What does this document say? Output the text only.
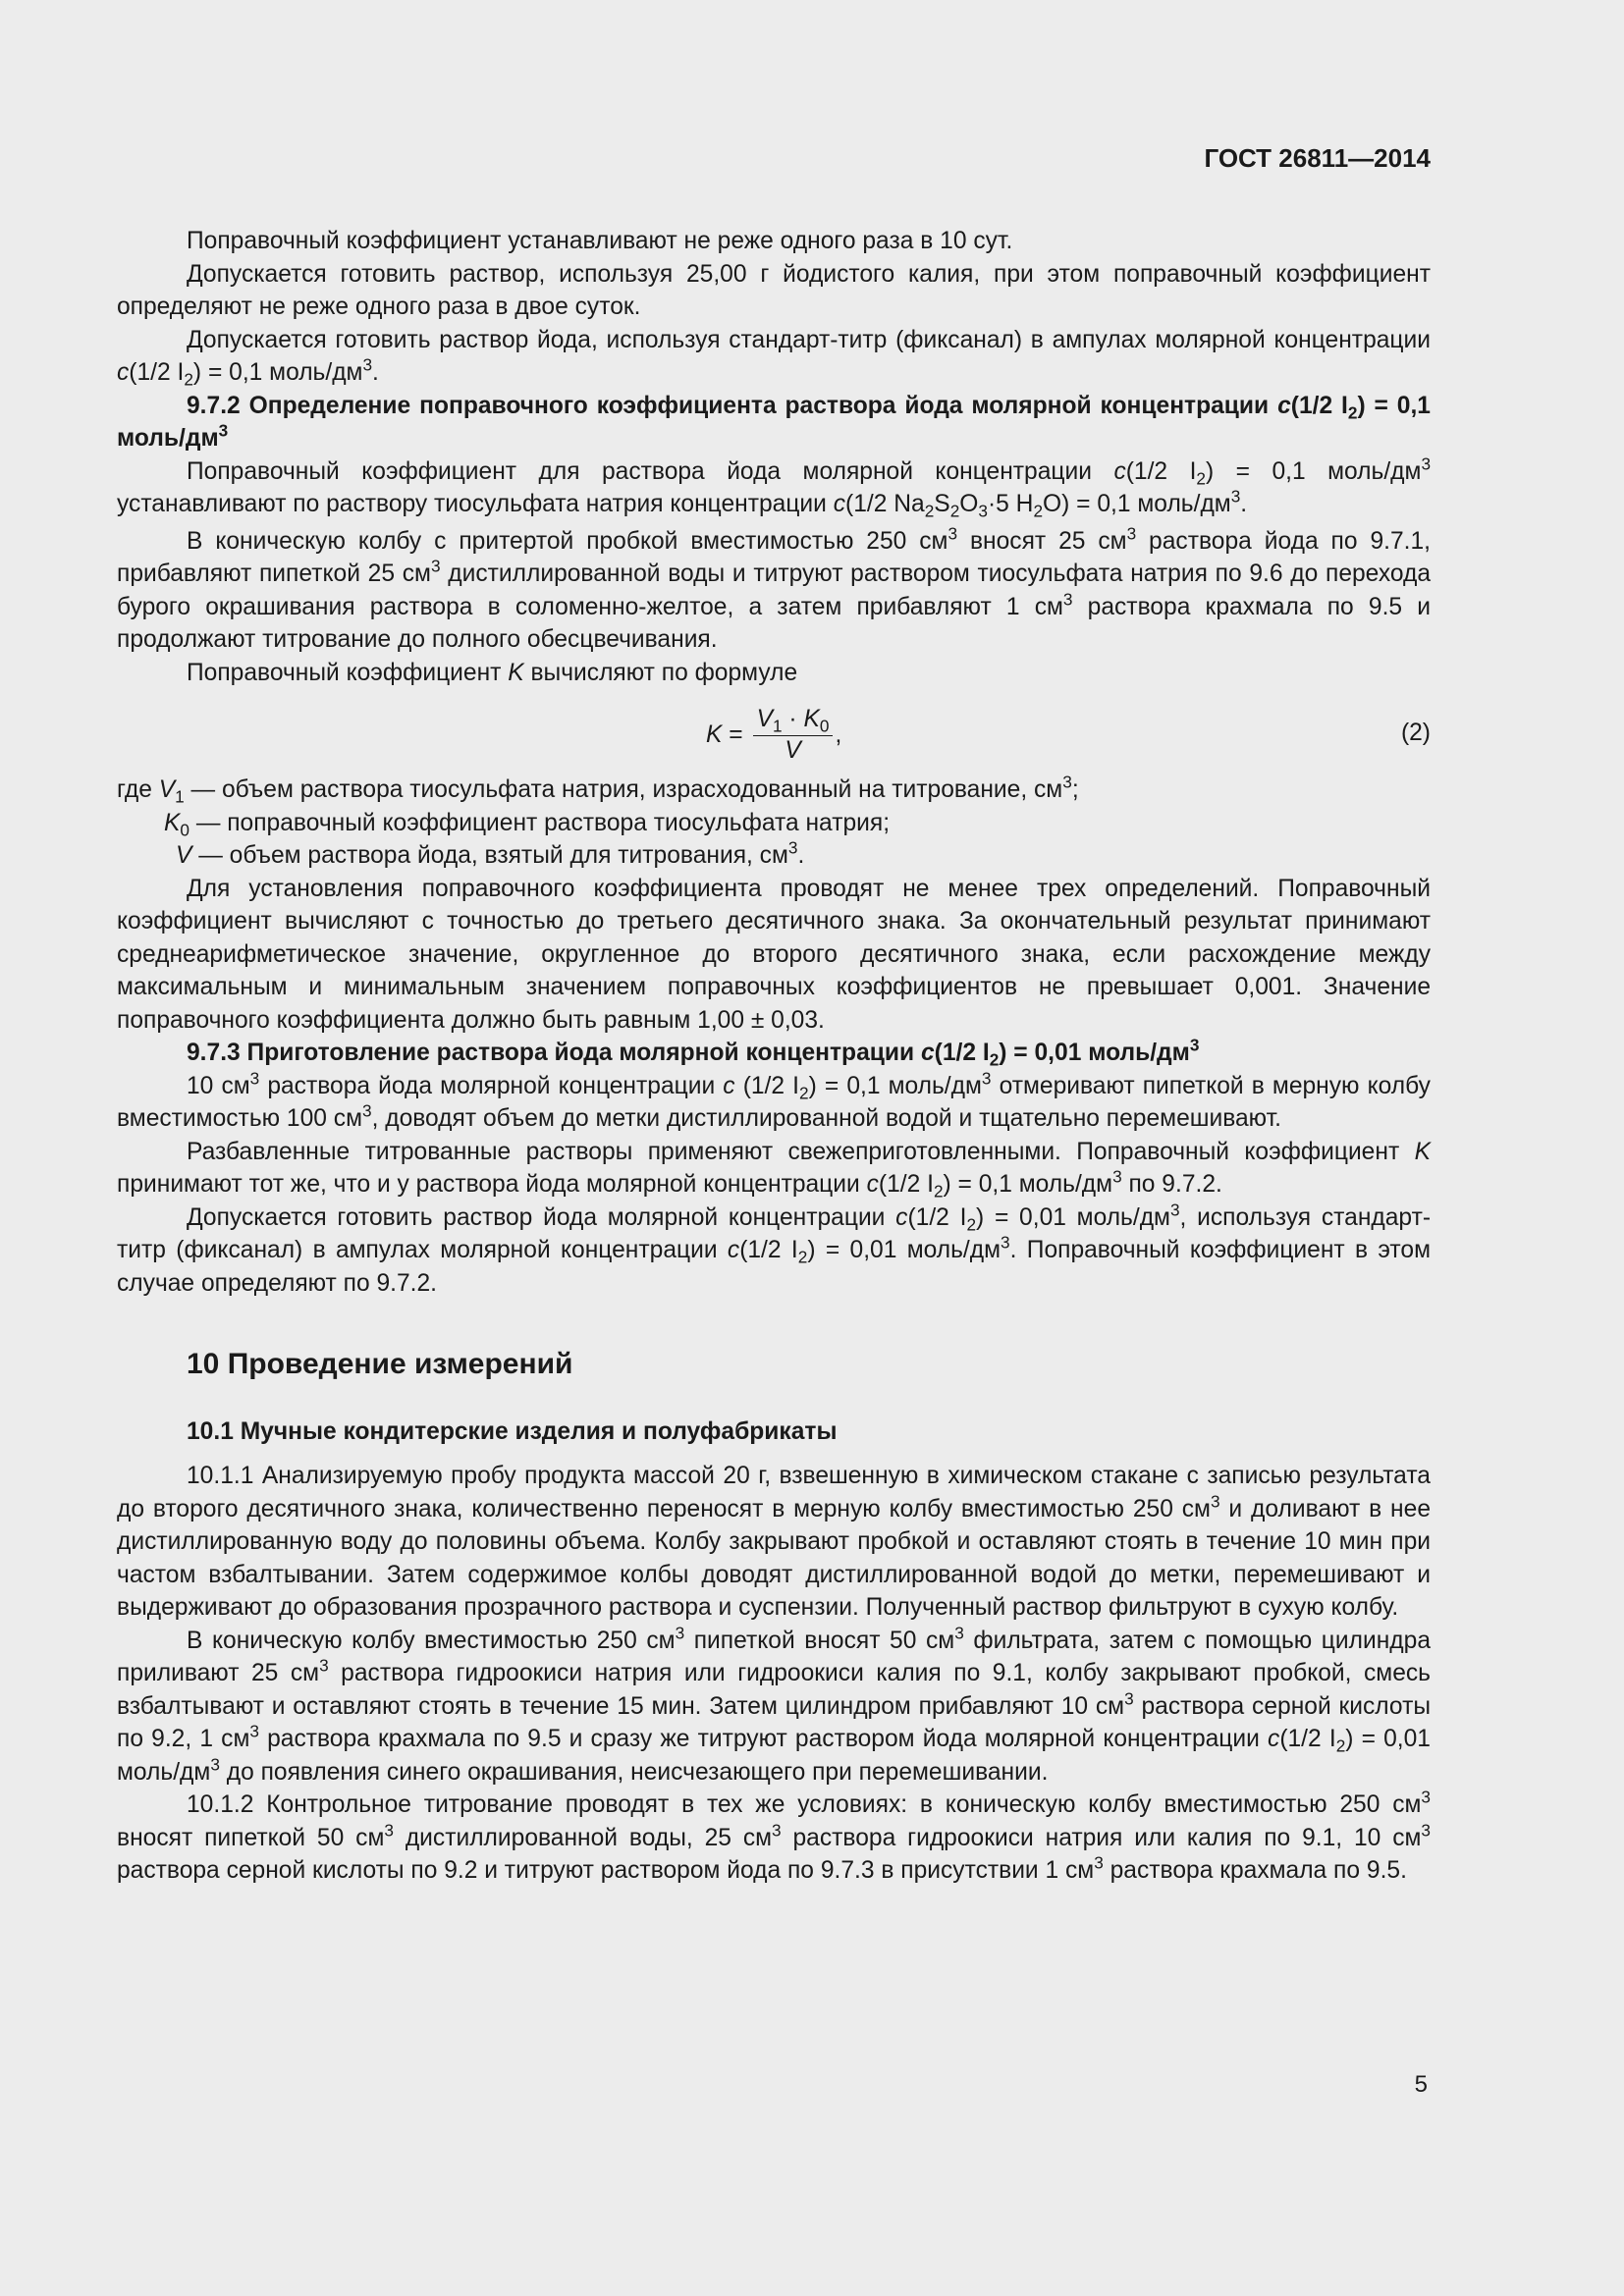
ГОСТ 26811—2014

Поправочный коэффициент устанавливают не реже одного раза в 10 сут.

Допускается готовить раствор, используя 25,00 г йодистого калия, при этом поправочный коэффициент определяют не реже одного раза в двое суток.

Допускается готовить раствор йода, используя стандарт-титр (фиксанал) в ампулах молярной концентрации c(1/2 $I_2) = 0,1$ моль/$дм^3$.

9.7.2 Определение поправочного коэффициента раствора йода молярной концентрации c(1/2 $I_2) = 0,1$ моль/$дм^3$

Поправочный коэффициент для раствора йода молярной концентрации c(1/2 $I_2) = 0,1$ моль/$дм^3$ устанавливают по раствору тиосульфата натрия концентрации c(1/2 $Na_2S_2O_3\cdot 5$ $H_2O) = 0,1$ моль/$дм^3$.

В коническую колбу с притертой пробкой вместимостью 250 $см^3$ вносят 25 $см^3$ раствора йода по 9.7.1, прибавляют пипеткой 25 $см^3$ дистиллированной воды и титруют раствором тиосульфата натрия по 9.6 до перехода бурого окрашивания раствора в соломенно-желтое, а затем прибавляют 1 $см^3$ раствора крахмала по 9.5 и продолжают титрование до полного обесцвечивания.

Поправочный коэффициент K вычисляют по формуле

$K = \frac{V_1 \cdot K_0}{V}$ ,	(2)

где $V_1$ — объем раствора тиосульфата натрия, израсходованный на титрование, $см^3$;

$K_0$ — поправочный коэффициент раствора тиосульфата натрия;

V — объем раствора йода, взятый для титрования, $см^3$.

Для установления поправочного коэффициента проводят не менее трех определений. Поправочный коэффициент вычисляют с точностью до третьего десятичного знака. За окончательный результат принимают среднеарифметическое значение, округленное до второго десятичного знака, если расхождение между максимальным и минимальным значением поправочных коэффициентов не превышает 0,001. Значение поправочного коэффициента должно быть равным 1,00 ± 0,03.

9.7.3 Приготовление раствора йода молярной концентрации c(1/2 $I_2) = 0,01$ моль/$дм^3$

10 $см^3$ раствора йода молярной концентрации c (1/2 $I_2) = 0,1$ моль/$дм^3$ отмеривают пипеткой в мерную колбу вместимостью 100 $см^3$, доводят объем до метки дистиллированной водой и тщательно перемешивают.

Разбавленные титрованные растворы применяют свежеприготовленными. Поправочный коэффициент K принимают тот же, что и у раствора йода молярной концентрации c(1/2 $I_2) = 0,1$ моль/$дм^3$ по 9.7.2.

Допускается готовить раствор йода молярной концентрации c(1/2 $I_2) = 0,01$ моль/$дм^3$, используя стандарт-титр (фиксанал) в ампулах молярной концентрации c(1/2 $I_2) = 0,01$ моль/$дм^3$. Поправочный коэффициент в этом случае определяют по 9.7.2.

10 Проведение измерений
10.1 Мучные кондитерские изделия и полуфабрикаты

10.1.1 Анализируемую пробу продукта массой 20 г, взвешенную в химическом стакане с записью результата до второго десятичного знака, количественно переносят в мерную колбу вместимостью 250 $см^3$ и доливают в нее дистиллированную воду до половины объема. Колбу закрывают пробкой и оставляют стоять в течение 10 мин при частом взбалтывании. Затем содержимое колбы доводят дистиллированной водой до метки, перемешивают и выдерживают до образования прозрачного раствора и суспензии. Полученный раствор фильтруют в сухую колбу.

В коническую колбу вместимостью 250 $см^3$ пипеткой вносят 50 $см^3$ фильтрата, затем с помощью цилиндра приливают 25 $см^3$ раствора гидроокиси натрия или гидроокиси калия по 9.1, колбу закрывают пробкой, смесь взбалтывают и оставляют стоять в течение 15 мин. Затем цилиндром прибавляют 10 $см^3$ раствора серной кислоты по 9.2, 1 $см^3$ раствора крахмала по 9.5 и сразу же титруют раствором йода молярной концентрации c(1/2 $I_2) = 0,01$ моль/$дм^3$ до появления синего окрашивания, неисчезающего при перемешивании.

10.1.2 Контрольное титрование проводят в тех же условиях: в коническую колбу вместимостью 250 $см^3$ вносят пипеткой 50 $см^3$ дистиллированной воды, 25 $см^3$ раствора гидроокиси натрия или калия по 9.1, 10 $см^3$ раствора серной кислоты по 9.2 и титруют раствором йода по 9.7.3 в присутствии 1 $см^3$ раствора крахмала по 9.5.

5
